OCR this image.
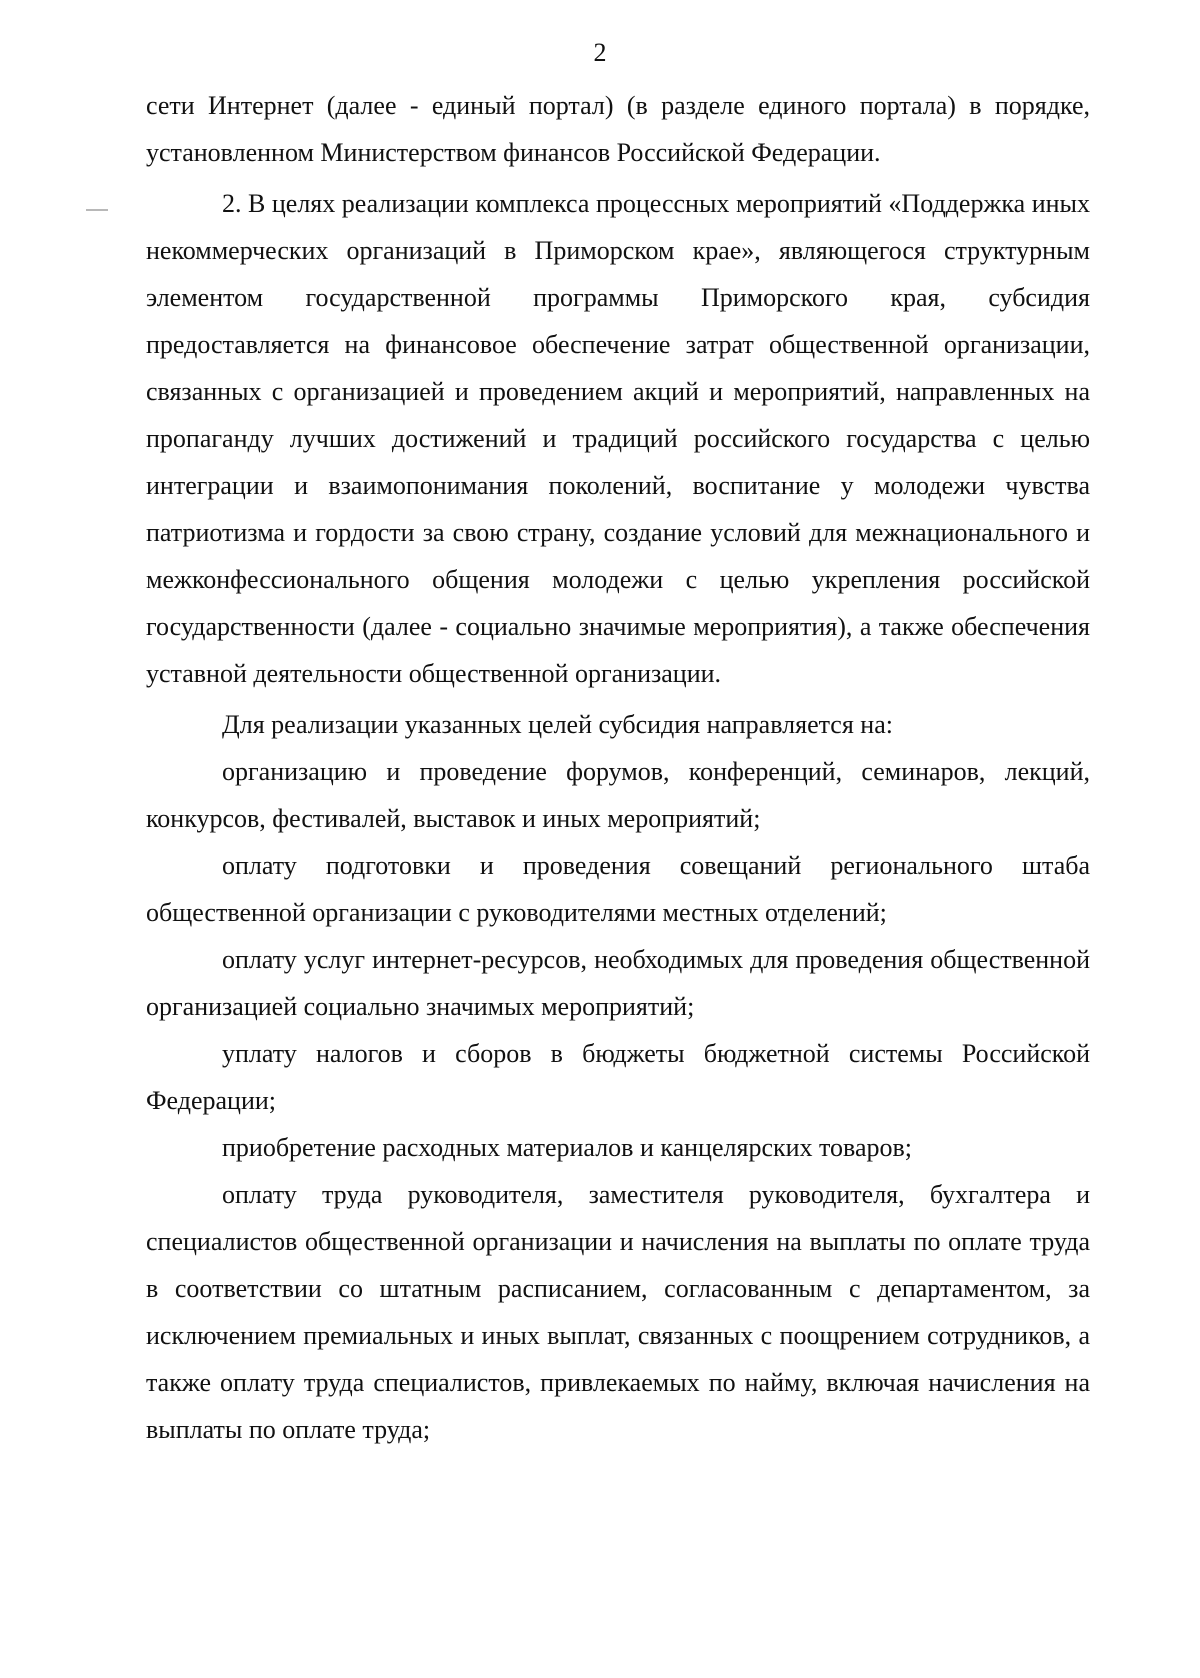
2

сети Интернет (далее - единый портал) (в разделе единого портала) в порядке, установленном Министерством финансов Российской Федерации.

2. В целях реализации комплекса процессных мероприятий «Поддержка иных некоммерческих организаций в Приморском крае», являющегося структурным элементом государственной программы Приморского края, субсидия предоставляется на финансовое обеспечение затрат общественной организации, связанных с организацией и проведением акций и мероприятий, направленных на пропаганду лучших достижений и традиций российского государства с целью интеграции и взаимопонимания поколений, воспитание у молодежи чувства патриотизма и гордости за свою страну, создание условий для межнационального и межконфессионального общения молодежи с целью укрепления российской государственности (далее - социально значимые мероприятия), а также обеспечения уставной деятельности общественной организации.

Для реализации указанных целей субсидия направляется на:

организацию и проведение форумов, конференций, семинаров, лекций, конкурсов, фестивалей, выставок и иных мероприятий;

оплату подготовки и проведения совещаний регионального штаба общественной организации с руководителями местных отделений;

оплату услуг интернет-ресурсов, необходимых для проведения общественной организацией социально значимых мероприятий;

уплату налогов и сборов в бюджеты бюджетной системы Российской Федерации;

приобретение расходных материалов и канцелярских товаров;

оплату труда руководителя, заместителя руководителя, бухгалтера и специалистов общественной организации и начисления на выплаты по оплате труда в соответствии со штатным расписанием, согласованным с департаментом, за исключением премиальных и иных выплат, связанных с поощрением сотрудников, а также оплату труда специалистов, привлекаемых по найму, включая начисления на выплаты по оплате труда;
